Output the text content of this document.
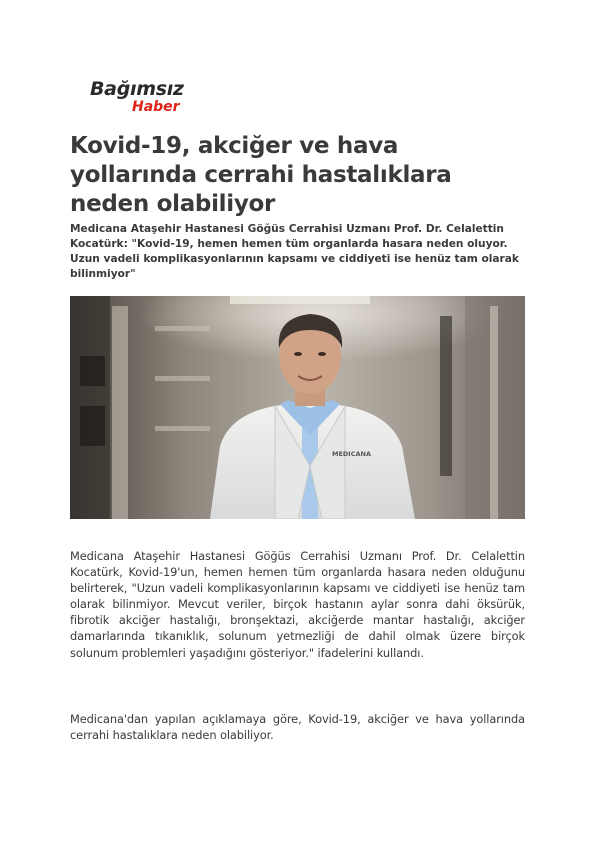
Bağımsız
Haber
Kovid-19, akciğer ve hava yollarında cerrahi hastalıklara neden olabiliyor

Medicana Ataşehir Hastanesi Göğüs Cerrahisi Uzmanı Prof. Dr. Celalettin Kocatürk: "Kovid-19, hemen hemen tüm organlarda hasara neden oluyor. Uzun vadeli komplikasyonlarının kapsamı ve ciddiyeti ise henüz tam olarak bilinmiyor"

MEDICANA

Medicana Ataşehir Hastanesi Göğüs Cerrahisi Uzmanı Prof. Dr. Celalettin Kocatürk, Kovid-19'un, hemen hemen tüm organlarda hasara neden olduğunu belirterek, "Uzun vadeli komplikasyonlarının kapsamı ve ciddiyeti ise henüz tam olarak bilinmiyor. Mevcut veriler, birçok hastanın aylar sonra dahi öksürük, fibrotik akciğer hastalığı, bronşektazi, akciğerde mantar hastalığı, akciğer damarlarında tıkanıklık, solunum yetmezliği de dahil olmak üzere birçok solunum problemleri yaşadığını gösteriyor." ifadelerini kullandı.

Medicana'dan yapılan açıklamaya göre, Kovid-19, akciğer ve hava yollarında cerrahi hastalıklara neden olabiliyor.
